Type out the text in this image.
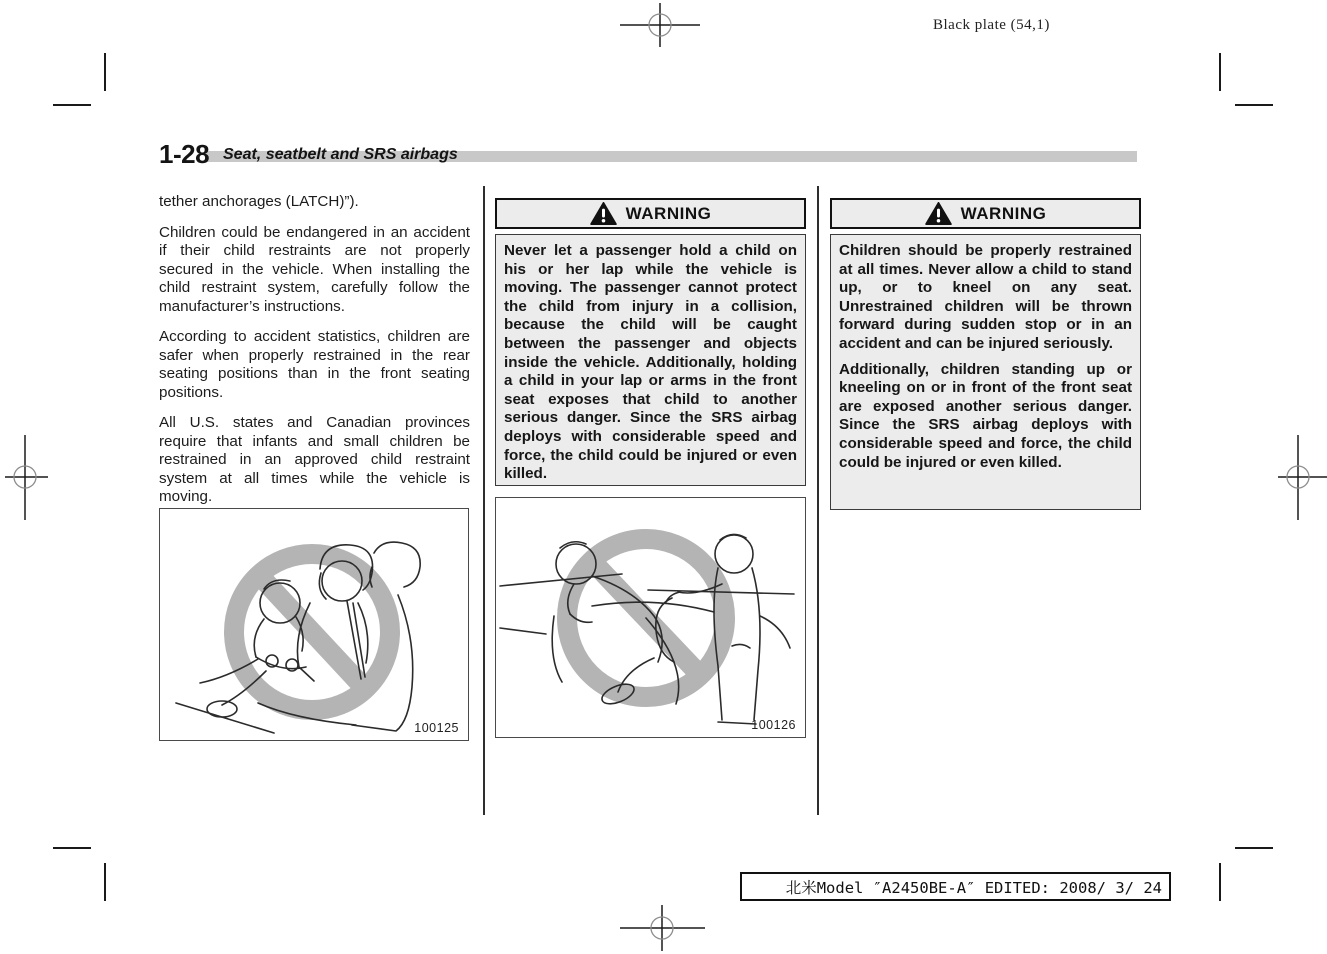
Black plate (54,1)
1-28 Seat, seatbelt and SRS airbags

tether anchorages (LATCH)”).

Children could be endangered in an accident if their child restraints are not properly secured in the vehicle. When installing the child restraint system, carefully follow the manufacturer’s instructions.

According to accident statistics, children are safer when properly restrained in the rear seating positions than in the front seating positions.

All U.S. states and Canadian provinces require that infants and small children be restrained in an approved child restraint system at all times while the vehicle is moving.

100125
WARNING

Never let a passenger hold a child on his or her lap while the vehicle is moving. The passenger cannot protect the child from injury in a collision, because the child will be caught between the passenger and objects inside the vehicle. Additionally, holding a child in your lap or arms in the front seat exposes that child to another serious danger. Since the SRS airbag deploys with considerable speed and force, the child could be injured or even killed.

100126
WARNING

Children should be properly restrained at all times. Never allow a child to stand up, or to kneel on any seat. Unrestrained children will be thrown forward during sudden stop or in an accident and can be injured seriously.

Additionally, children standing up or kneeling on or in front of the front seat are exposed another serious danger. Since the SRS airbag deploys with considerable speed and force, the child could be injured or even killed.

北米Model ″A2450BE-A″ EDITED: 2008/ 3/ 24
